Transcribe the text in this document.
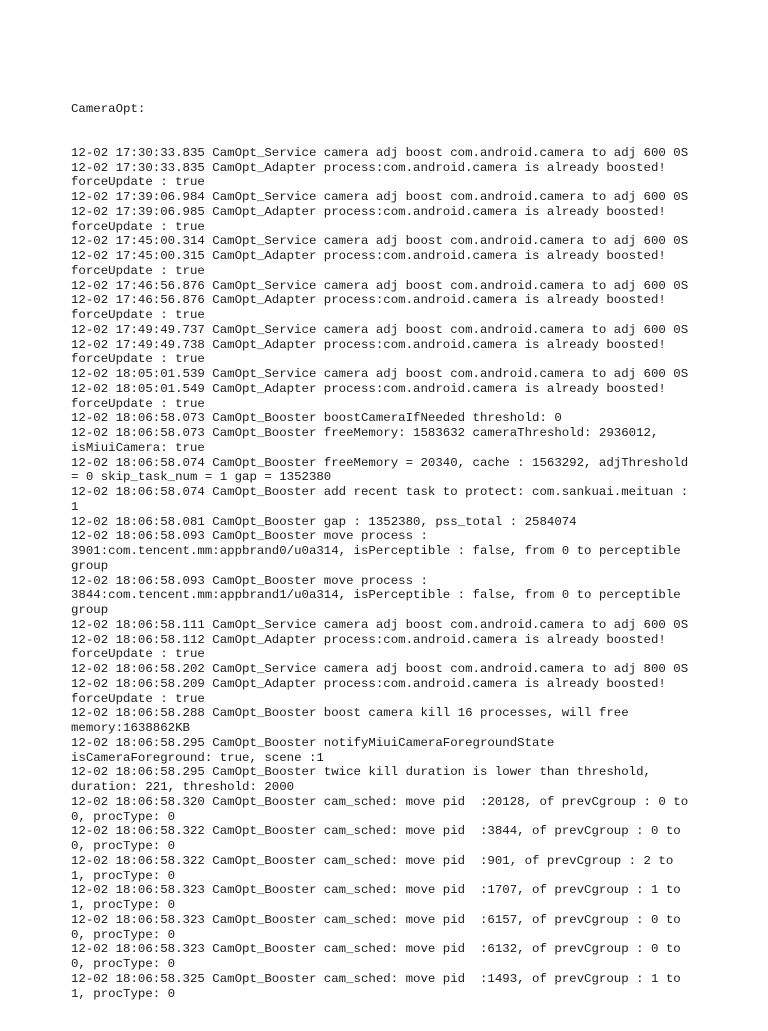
CameraOpt:

12-02 17:30:33.835 CamOpt_Service camera adj boost com.android.camera to adj 600 0S
12-02 17:30:33.835 CamOpt_Adapter process:com.android.camera is already boosted!
forceUpdate : true
12-02 17:39:06.984 CamOpt_Service camera adj boost com.android.camera to adj 600 0S
12-02 17:39:06.985 CamOpt_Adapter process:com.android.camera is already boosted!
forceUpdate : true
12-02 17:45:00.314 CamOpt_Service camera adj boost com.android.camera to adj 600 0S
12-02 17:45:00.315 CamOpt_Adapter process:com.android.camera is already boosted!
forceUpdate : true
12-02 17:46:56.876 CamOpt_Service camera adj boost com.android.camera to adj 600 0S
12-02 17:46:56.876 CamOpt_Adapter process:com.android.camera is already boosted!
forceUpdate : true
12-02 17:49:49.737 CamOpt_Service camera adj boost com.android.camera to adj 600 0S
12-02 17:49:49.738 CamOpt_Adapter process:com.android.camera is already boosted!
forceUpdate : true
12-02 18:05:01.539 CamOpt_Service camera adj boost com.android.camera to adj 600 0S
12-02 18:05:01.549 CamOpt_Adapter process:com.android.camera is already boosted!
forceUpdate : true
12-02 18:06:58.073 CamOpt_Booster boostCameraIfNeeded threshold: 0
12-02 18:06:58.073 CamOpt_Booster freeMemory: 1583632 cameraThreshold: 2936012,
isMiuiCamera: true
12-02 18:06:58.074 CamOpt_Booster freeMemory = 20340, cache : 1563292, adjThreshold
= 0 skip_task_num = 1 gap = 1352380
12-02 18:06:58.074 CamOpt_Booster add recent task to protect: com.sankuai.meituan :
1
12-02 18:06:58.081 CamOpt_Booster gap : 1352380, pss_total : 2584074
12-02 18:06:58.093 CamOpt_Booster move process :
3901:com.tencent.mm:appbrand0/u0a314, isPerceptible : false, from 0 to perceptible
group
12-02 18:06:58.093 CamOpt_Booster move process :
3844:com.tencent.mm:appbrand1/u0a314, isPerceptible : false, from 0 to perceptible
group
12-02 18:06:58.111 CamOpt_Service camera adj boost com.android.camera to adj 600 0S
12-02 18:06:58.112 CamOpt_Adapter process:com.android.camera is already boosted!
forceUpdate : true
12-02 18:06:58.202 CamOpt_Service camera adj boost com.android.camera to adj 800 0S
12-02 18:06:58.209 CamOpt_Adapter process:com.android.camera is already boosted!
forceUpdate : true
12-02 18:06:58.288 CamOpt_Booster boost camera kill 16 processes, will free
memory:1638862KB
12-02 18:06:58.295 CamOpt_Booster notifyMiuiCameraForegroundState
isCameraForeground: true, scene :1
12-02 18:06:58.295 CamOpt_Booster twice kill duration is lower than threshold,
duration: 221, threshold: 2000
12-02 18:06:58.320 CamOpt_Booster cam_sched: move pid  :20128, of prevCgroup : 0 to
0, procType: 0
12-02 18:06:58.322 CamOpt_Booster cam_sched: move pid  :3844, of prevCgroup : 0 to
0, procType: 0
12-02 18:06:58.322 CamOpt_Booster cam_sched: move pid  :901, of prevCgroup : 2 to
1, procType: 0
12-02 18:06:58.323 CamOpt_Booster cam_sched: move pid  :1707, of prevCgroup : 1 to
1, procType: 0
12-02 18:06:58.323 CamOpt_Booster cam_sched: move pid  :6157, of prevCgroup : 0 to
0, procType: 0
12-02 18:06:58.323 CamOpt_Booster cam_sched: move pid  :6132, of prevCgroup : 0 to
0, procType: 0
12-02 18:06:58.325 CamOpt_Booster cam_sched: move pid  :1493, of prevCgroup : 1 to
1, procType: 0
